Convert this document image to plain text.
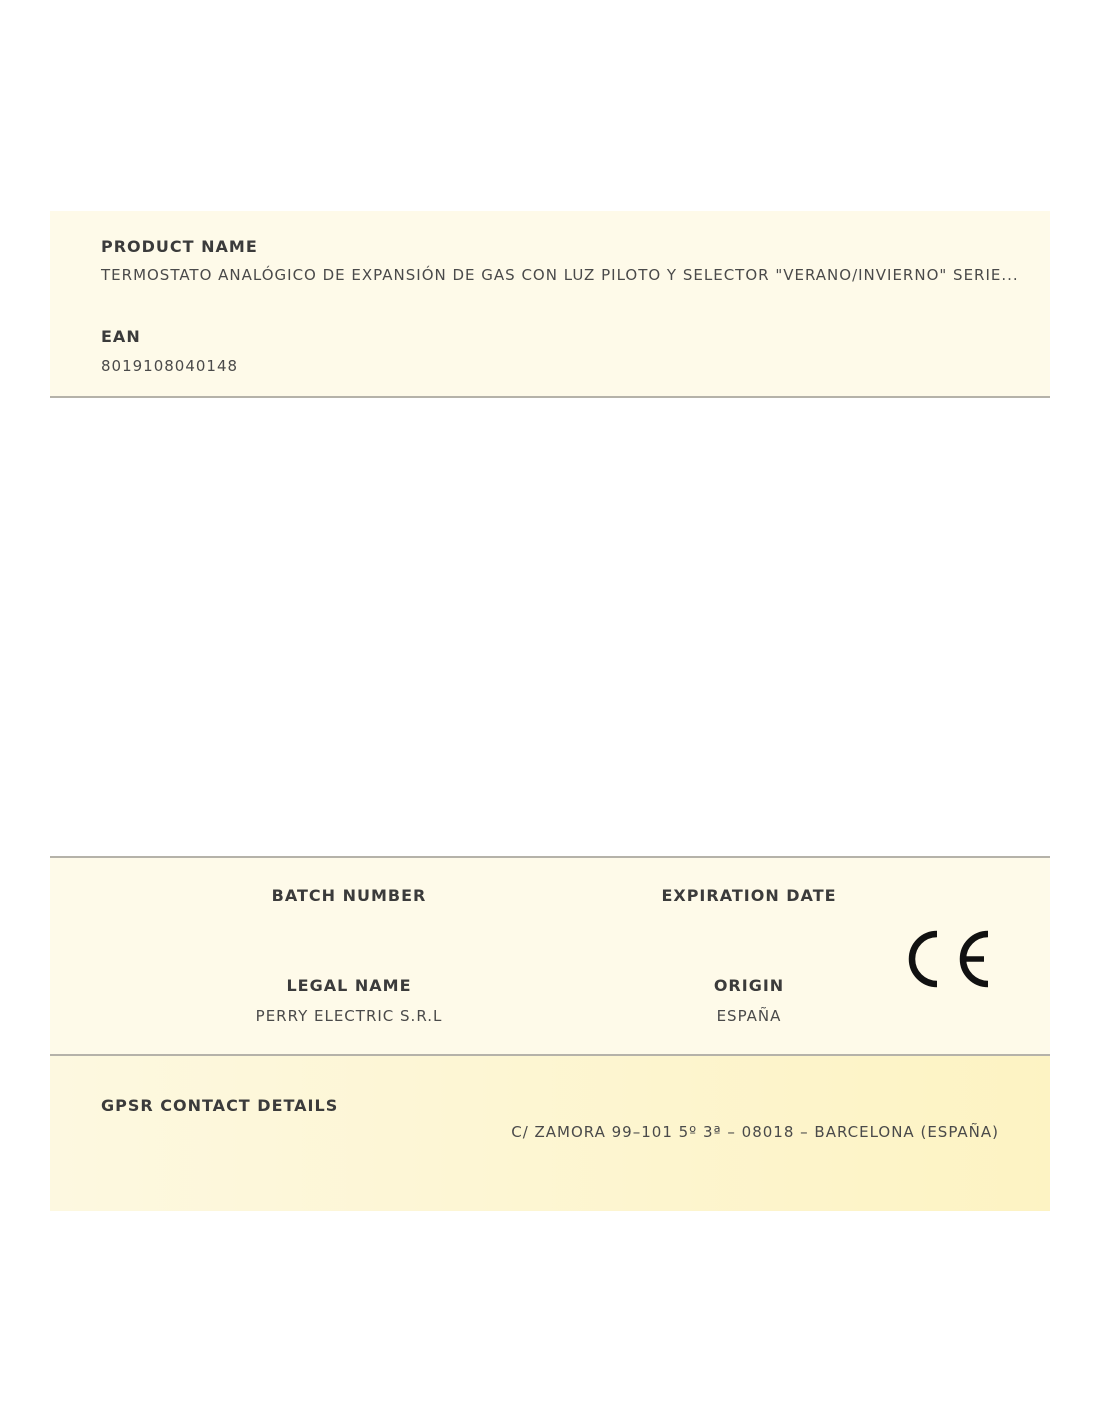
PRODUCT NAME

TERMOSTATO ANALÓGICO DE EXPANSIÓN DE GAS CON LUZ PILOTO Y SELECTOR "VERANO/INVIERNO" SERIE...

EAN

8019108040148

BATCH NUMBER	EXPIRATION DATE
LEGAL NAME
PERRY ELECTRIC S.R.L
ORIGIN
ESPAÑA

GPSR CONTACT DETAILS

C/ ZAMORA 99–101 5º 3ª – 08018 – BARCELONA (ESPAÑA)
